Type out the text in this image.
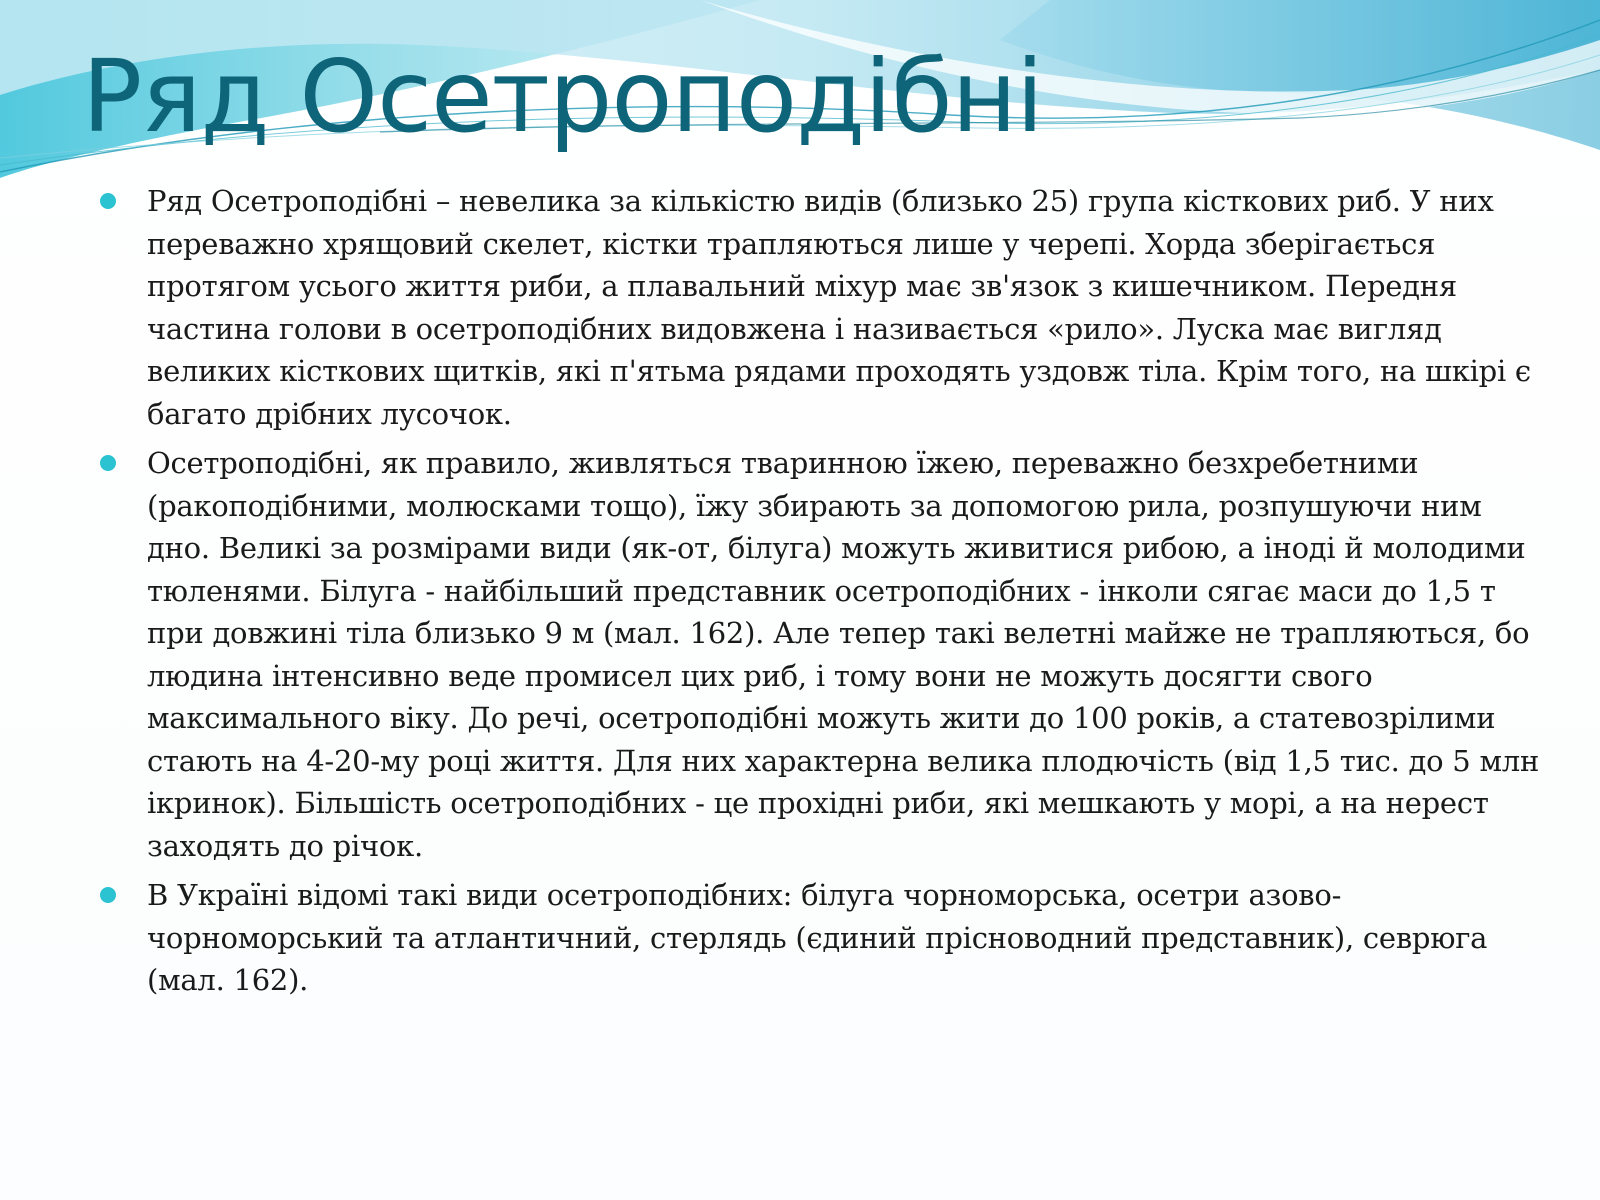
Ряд Осетроподібні
Ряд Осетроподібні – невелика за кількістю видів (близько 25) група кісткових риб. У них переважно хрящовий скелет, кістки трапляються лише у черепі. Хорда зберігається протягом усього життя риби, а плавальний міхур має зв'язок з кишечником. Передня частина голови в осетроподібних видовжена і називається «рило». Луска має вигляд великих кісткових щитків, які п'ятьма рядами проходять уздовж тіла. Крім того, на шкірі є багато дрібних лусочок.
Осетроподібні, як правило, живляться тваринною їжею, переважно безхребетними (ракоподібними, молюсками тощо), їжу збирають за допомогою рила, розпушуючи ним дно. Великі за розмірами види (як-от, білуга) можуть живитися рибою, а іноді й молодими тюленями. Білуга - найбільший представник осетроподібних - інколи сягає маси до 1,5 т при довжині тіла близько 9 м (мал. 162). Але тепер такі велетні майже не трапляються, бо людина інтенсивно веде промисел цих риб, і тому вони не можуть досягти свого максимального віку. До речі, осетроподібні можуть жити до 100 років, а статевозрілими стають на 4-20-му році життя. Для них характерна велика плодючість (від 1,5 тис. до 5 млн ікринок). Більшість осетроподібних - це прохідні риби, які мешкають у морі, а на нерест заходять до річок.
В Україні відомі такі види осетроподібних: білуга чорноморська, осетри азово-чорноморський та атлантичний, стерлядь (єдиний прісноводний представник), севрюга (мал. 162).
